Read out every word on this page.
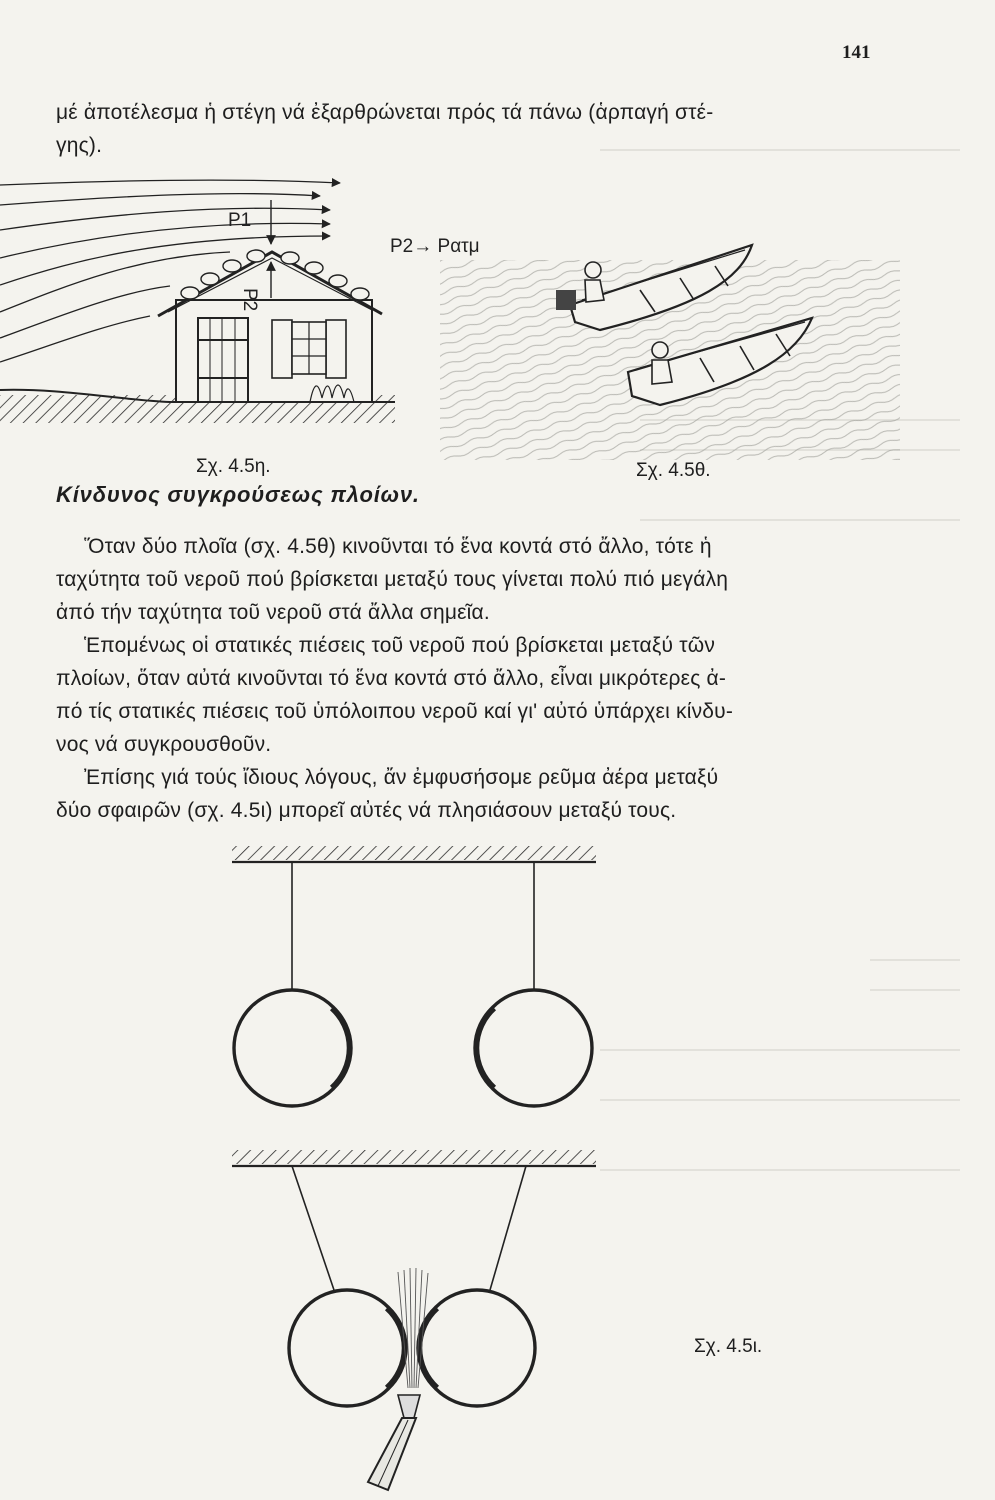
141

μέ ἀποτέλεσμα ἡ στέγη νά ἐξαρθρώνεται πρός τά πάνω (ἁρπαγή στέ-
γης).

P1
P2
P2→ Pατμ
Σχ. 4.5η.	Σχ. 4.5θ.
Κίνδυνος συγκρούσεως πλοίων.

Ὅταν δύο πλοῖα (σχ. 4.5θ) κινοῦνται τό ἕνα κοντά στό ἄλλο, τότε ἡ
ταχύτητα τοῦ νεροῦ πού βρίσκεται μεταξύ τους γίνεται πολύ πιό μεγάλη
ἀπό τήν ταχύτητα τοῦ νεροῦ στά ἄλλα σημεῖα.
Ἑπομένως οἱ στατικές πιέσεις τοῦ νεροῦ πού βρίσκεται μεταξύ τῶν
πλοίων, ὅταν αὐτά κινοῦνται τό ἕνα κοντά στό ἄλλο, εἶναι μικρότερες ἀ-
πό τίς στατικές πιέσεις τοῦ ὑπόλοιπου νεροῦ καί γι' αὐτό ὑπάρχει κίνδυ-
νος νά συγκρουσθοῦν.
Ἐπίσης γιά τούς ἴδιους λόγους, ἄν ἐμφυσήσομε ρεῦμα ἀέρα μεταξύ
δύο σφαιρῶν (σχ. 4.5ι) μπορεῖ αὐτές νά πλησιάσουν μεταξύ τους.

Σχ. 4.5ι.
